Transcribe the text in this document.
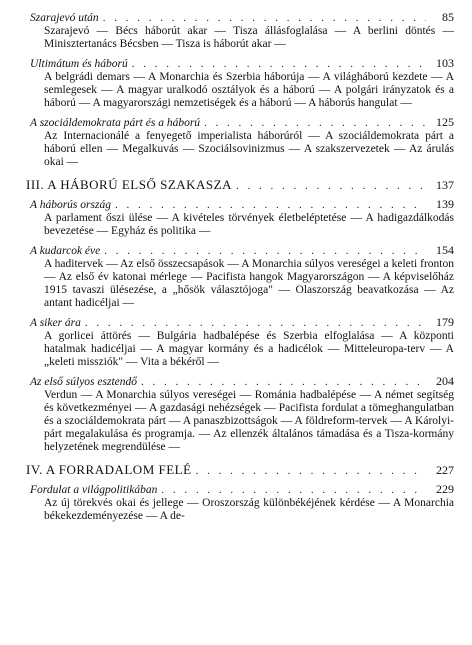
Szarajevó után . . .	85
Szarajevó — Bécs háborút akar — Tisza állásfoglalása — A berlini döntés — Minisztertanács Bécsben — Tisza is háborút akar —
Ultimátum és háború . . .	103
A belgrádi demars — A Monarchia és Szerbia háborúja — A világháború kezdete — A semlegesek — A magyar uralkodó osztályok és a háború — A polgári irányzatok és a háború — A magyarországi nemzetiségek és a háború — A háborús hangulat —
A szociáldemokrata párt és a háború . . .	125
Az Internacionálé a fenyegető imperialista háborúról — A szociáldemokrata párt a háború ellen — Megalkuvás — Szociálsovinizmus — A szakszervezetek — Az árulás okai —
III. A HÁBORÚ ELSŐ SZAKASZA . . .	137
A háborús ország . . .	139
A parlament őszi ülése — A kivételes törvények életbeléptetése — A hadigazdálkodás bevezetése — Egyház és politika —
A kudarcok éve . . .	154
A haditervek — Az első összecsapások — A Monarchia súlyos vereségei a keleti fronton — Az első év katonai mérlege — Pacifista hangok Magyarországon — A képviselőház 1915 tavaszi ülésezése, a „hősök választójoga" — Olaszország beavatkozása — Az antant hadicéljai —
A siker ára . . .	179
A gorlicei áttörés — Bulgária hadbalépése és Szerbia elfoglalása — A központi hatalmak hadicéljai — A magyar kormány és a hadicélok — Mitteleuropa-terv — A „keleti missziók" — Vita a békéről —
Az első súlyos esztendő . . .	204
Verdun — A Monarchia súlyos vereségei — Románia hadbalépése — A német segítség és következményei — A gazdasági nehézségek — Pacifista fordulat a tömeghangulatban és a szociáldemokrata párt — A panaszbizottságok — A földreform-tervek — A Károlyi-párt megalakulása és programja. — Az ellenzék általános támadása és a Tisza-kormány helyzetének megrendülése —
IV. A FORRADALOM FELÉ . . .	227
Fordulat a világpolitikában . . .	229
Az új törekvés okai és jellege — Oroszország különbékéjének kérdése — A Monarchia békekezdeményezése — A de-
